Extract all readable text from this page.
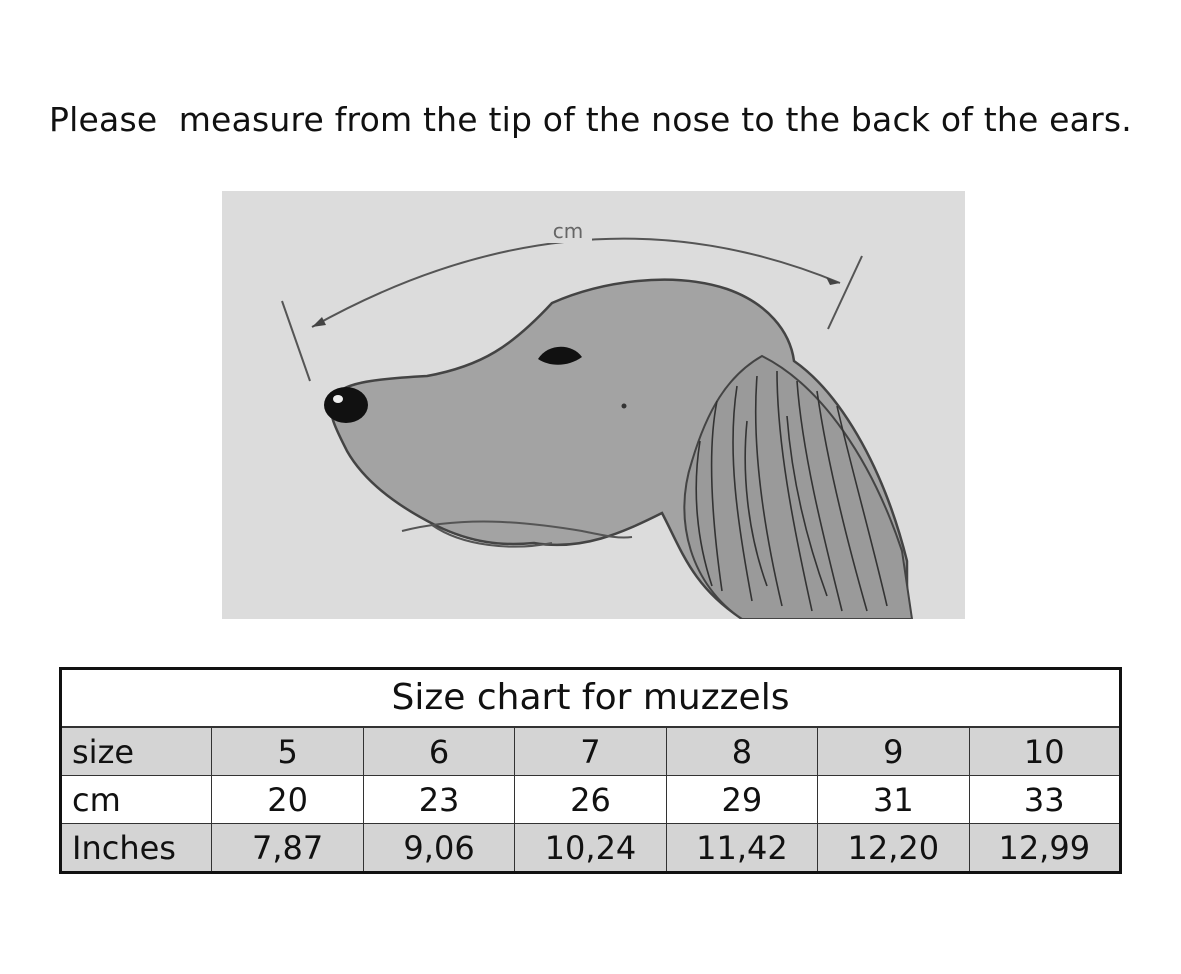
Please  measure from the tip of the nose to the back of the ears.
cm
Size chart for muzzels						
size	5	6	7	8	9	10
cm	20	23	26	29	31	33
Inches	7,87	9,06	10,24	11,42	12,20	12,99
